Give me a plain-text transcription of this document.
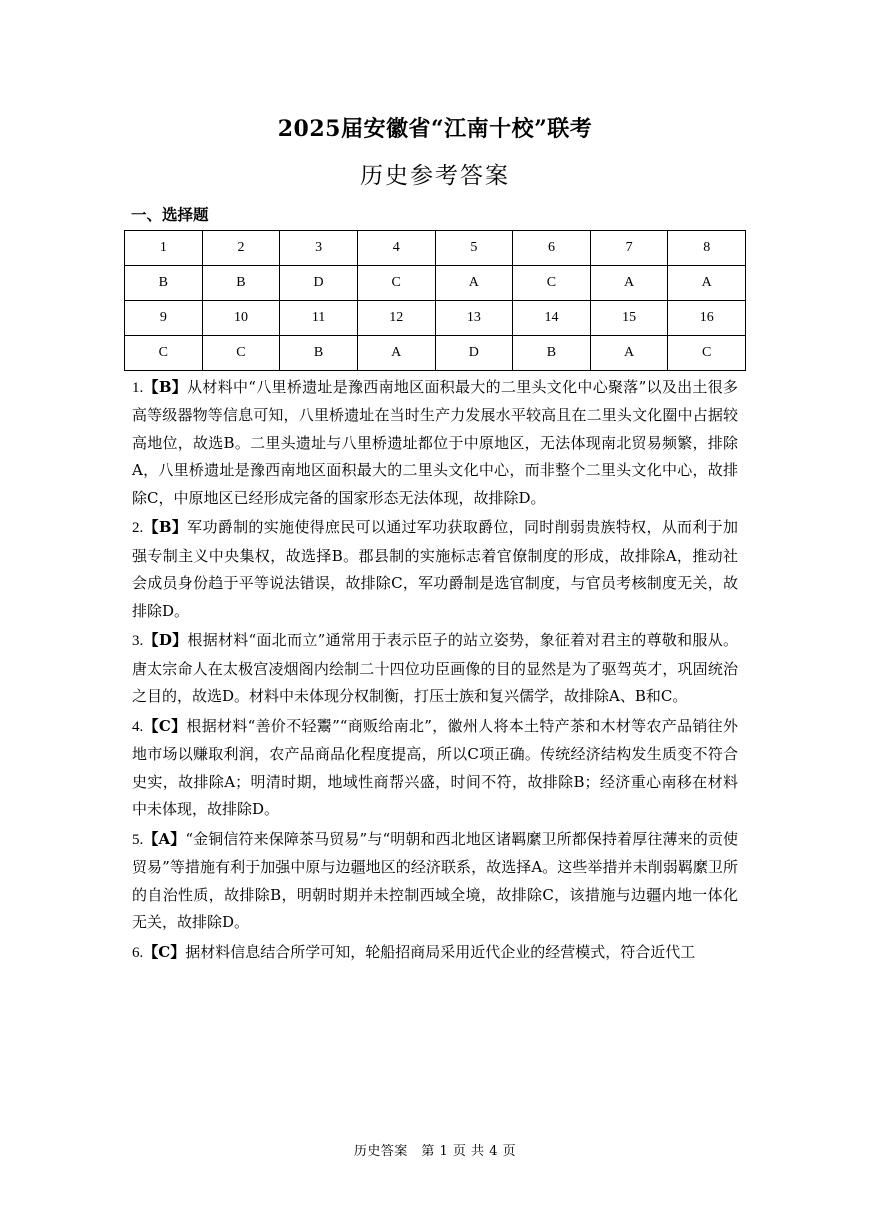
2025届安徽省“江南十校”联考
历史参考答案
一、选择题
1	2	3	4	5	6	7	8
B	B	D	C	A	C	A	A
9	10	11	12	13	14	15	16
C	C	B	A	D	B	A	C

1.【B】从材料中“八里桥遗址是豫西南地区面积最大的二里头文化中心聚落”以及出土很多高等级器物等信息可知，八里桥遗址在当时生产力发展水平较高且在二里头文化圈中占据较高地位，故选B。二里头遗址与八里桥遗址都位于中原地区，无法体现南北贸易频繁，排除A，八里桥遗址是豫西南地区面积最大的二里头文化中心，而非整个二里头文化中心，故排除C，中原地区已经形成完备的国家形态无法体现，故排除D。

2.【B】军功爵制的实施使得庶民可以通过军功获取爵位，同时削弱贵族特权，从而利于加强专制主义中央集权，故选择B。郡县制的实施标志着官僚制度的形成，故排除A，推动社会成员身份趋于平等说法错误，故排除C，军功爵制是选官制度，与官员考核制度无关，故排除D。

3.【D】根据材料“面北而立”通常用于表示臣子的站立姿势，象征着对君主的尊敬和服从。唐太宗命人在太极宫凌烟阁内绘制二十四位功臣画像的目的显然是为了驱驾英才，巩固统治之目的，故选D。材料中未体现分权制衡，打压士族和复兴儒学，故排除A、B和C。

4.【C】根据材料“善价不轻鬻”“商贩给南北”，徽州人将本土特产茶和木材等农产品销往外地市场以赚取利润，农产品商品化程度提高，所以C项正确。传统经济结构发生质变不符合史实，故排除A；明清时期，地域性商帮兴盛，时间不符，故排除B；经济重心南移在材料中未体现，故排除D。

5.【A】“金铜信符来保障茶马贸易”与“明朝和西北地区诸羁縻卫所都保持着厚往薄来的贡使贸易”等措施有利于加强中原与边疆地区的经济联系，故选择A。这些举措并未削弱羁縻卫所的自治性质，故排除B，明朝时期并未控制西域全境，故排除C，该措施与边疆内地一体化无关，故排除D。

6.【C】据材料信息结合所学可知，轮船招商局采用近代企业的经营模式，符合近代工

历史答案　第 1 页 共 4 页
